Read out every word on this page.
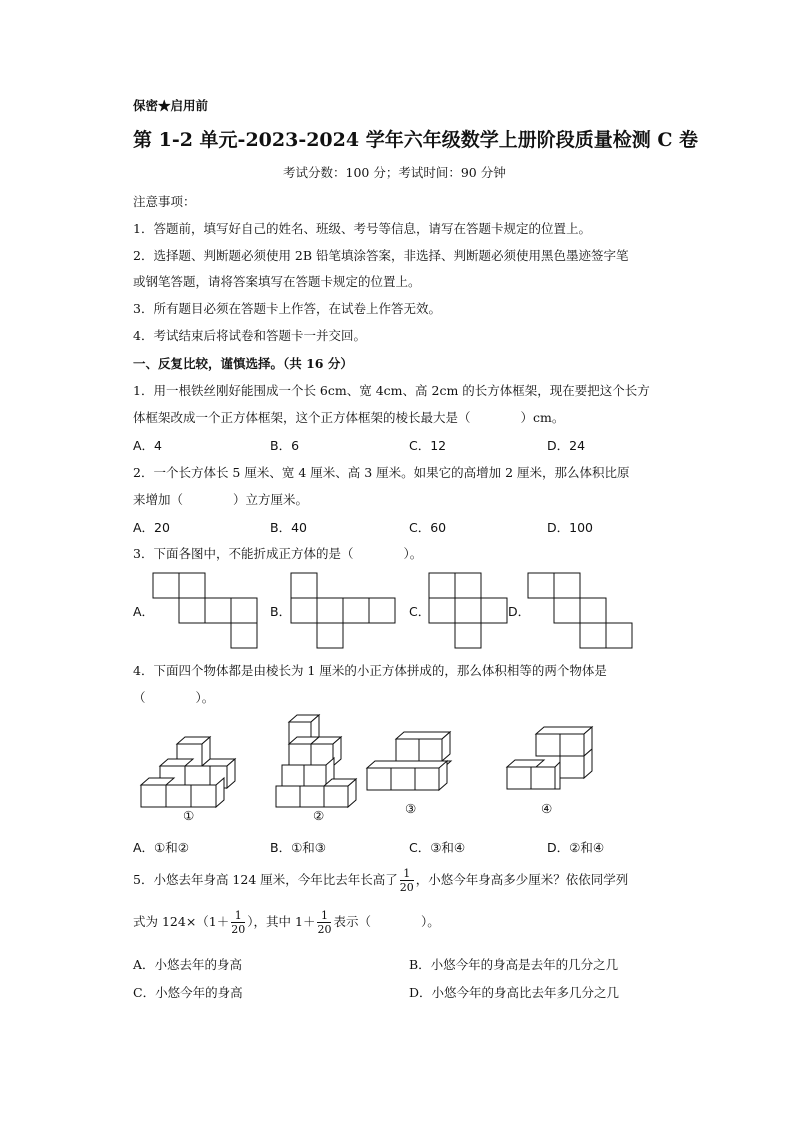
保密★启用前
第 1-2 单元-2023-2024 学年六年级数学上册阶段质量检测 C 卷
考试分数：100 分；考试时间：90 分钟
注意事项：
1．答题前，填写好自己的姓名、班级、考号等信息，请写在答题卡规定的位置上。
2．选择题、判断题必须使用 2B 铅笔填涂答案，非选择、判断题必须使用黑色墨迹签字笔
或钢笔答题，请将答案填写在答题卡规定的位置上。
3．所有题目必须在答题卡上作答，在试卷上作答无效。
4．考试结束后将试卷和答题卡一并交回。
一、反复比较，谨慎选择。（共 16 分）
1．用一根铁丝刚好能围成一个长 6cm、宽 4cm、高 2cm 的长方体框架，现在要把这个长方
体框架改成一个正方体框架，这个正方体框架的棱长最大是（　　　　）cm。
A．4	B．6	C．12	D．24
2．一个长方体长 5 厘米、宽 4 厘米、高 3 厘米。如果它的高增加 2 厘米，那么体积比原
来增加（　　　　）立方厘米。
A．20	B．40	C．60	D．100
3．下面各图中，不能折成正方体的是（　　　　）。
A．	B．	C．	D．
4．下面四个物体都是由棱长为 1 厘米的小正方体拼成的，那么体积相等的两个物体是
（　　　　）。
①	②	③	④
A．①和②	B．①和③	C．③和④	D．②和④
5．小悠去年身高 124 厘米，今年比去年长高了 $\frac{1}{20}$ ，小悠今年身高多少厘米？依依同学列
式为 $124\times(1+ \frac{1}{20}$ ），其中 $1+ \frac{1}{20}$ 表示（　　　　）。
A．小悠去年的身高	B．小悠今年的身高是去年的几分之几
C．小悠今年的身高	D．小悠今年的身高比去年多几分之几
